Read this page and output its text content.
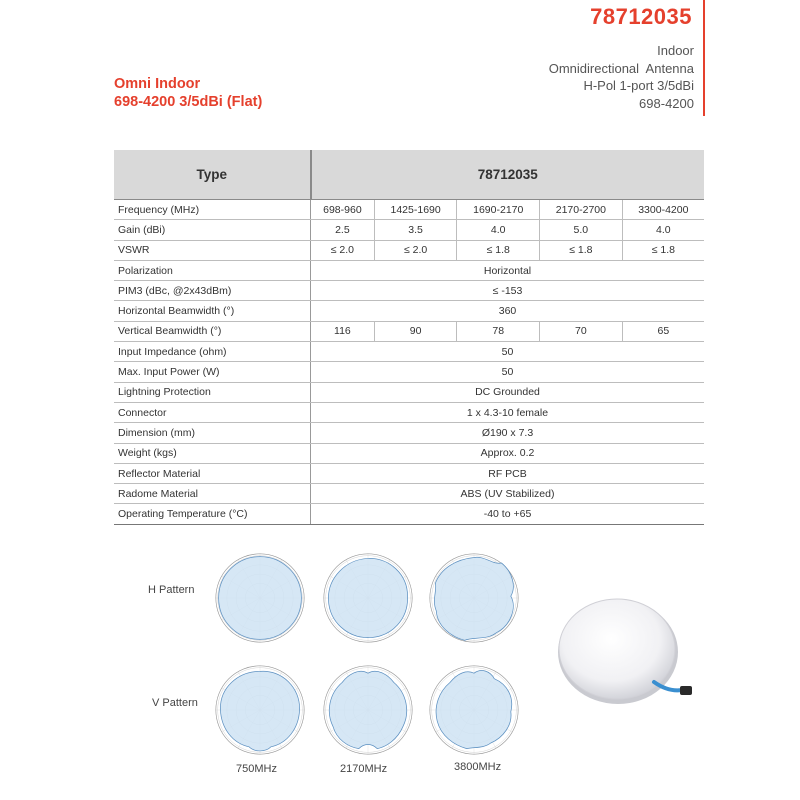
78712035
Indoor
Omnidirectional  Antenna
H-Pol 1-port 3/5dBi
698-4200
Omni Indoor
698-4200 3/5dBi (Flat)
Type	78712035				
Frequency (MHz)	698-960	1425-1690	1690-2170	2170-2700	3300-4200
Gain (dBi)	2.5	3.5	4.0	5.0	4.0
VSWR	≤ 2.0	≤ 2.0	≤ 1.8	≤ 1.8	≤ 1.8
Polarization	Horizontal				
PIM3 (dBc, @2x43dBm)	≤ -153				
Horizontal Beamwidth (°)	360				
Vertical Beamwidth (°)	116	90	78	70	65
Input Impedance (ohm)	50				
Max. Input Power (W)	50				
Lightning Protection	DC Grounded				
Connector	1 x 4.3-10 female				
Dimension (mm)	Ø190 x 7.3				
Weight (kgs)	Approx. 0.2				
Reflector Material	RF PCB				
Radome Material	ABS (UV Stabilized)				
Operating Temperature (°C)	-40 to +65				
H Pattern
V Pattern
750MHz	2170MHz	3800MHz
